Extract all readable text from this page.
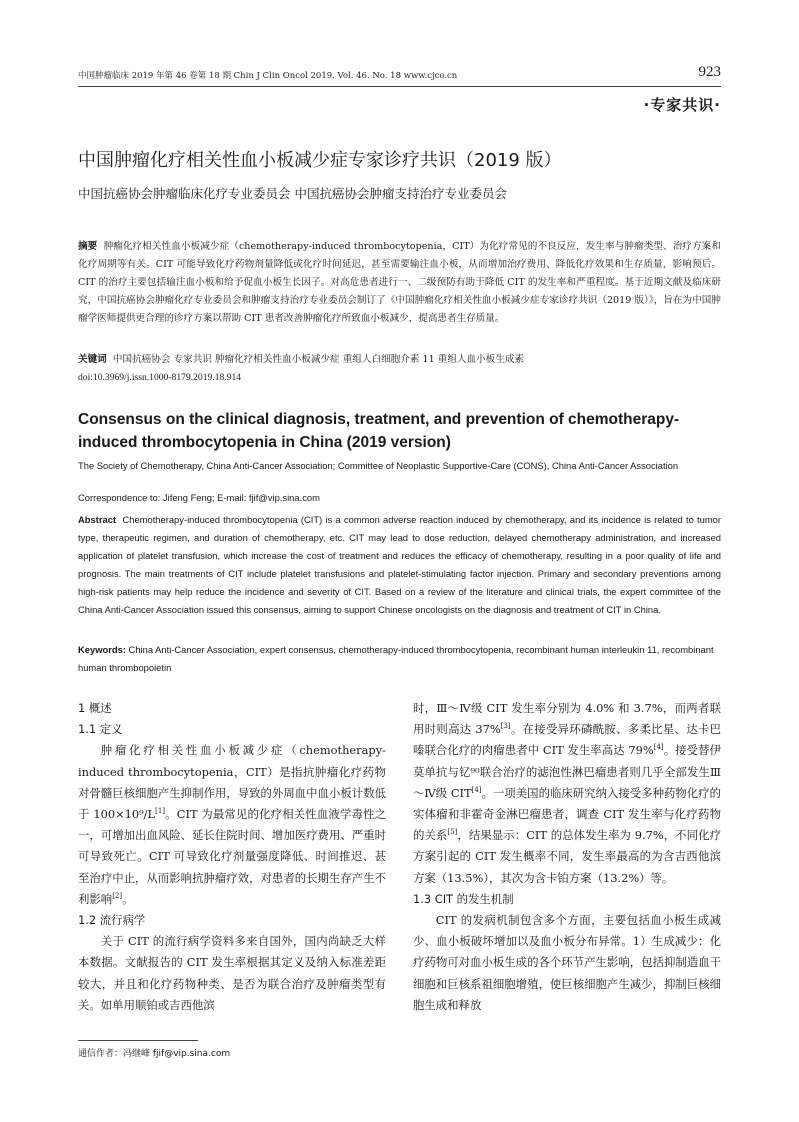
中国肿瘤临床 2019 年第 46 卷第 18 期 Chin J Clin Oncol 2019. Vol. 46. No. 18 www.cjco.cn	923
·专家共识·
中国肿瘤化疗相关性血小板减少症专家诊疗共识（2019 版）
中国抗癌协会肿瘤临床化疗专业委员会 中国抗癌协会肿瘤支持治疗专业委员会
摘要 肿瘤化疗相关性血小板减少症（chemotherapy-induced thrombocytopenia，CIT）为化疗常见的不良反应，发生率与肿瘤类型、治疗方案和化疗周期等有关。CIT 可能导致化疗药物剂量降低或化疗时间延迟，甚至需要输注血小板，从而增加治疗费用、降低化疗效果和生存质量，影响预后。CIT 的治疗主要包括输注血小板和给予促血小板生长因子。对高危患者进行一、二级预防有助于降低 CIT 的发生率和严重程度。基于近期文献及临床研究，中国抗癌协会肿瘤化疗专业委员会和肿瘤支持治疗专业委员会制订了《中国肿瘤化疗相关性血小板减少症专家诊疗共识（2019 版）》，旨在为中国肿瘤学医师提供更合理的诊疗方案以帮助 CIT 患者改善肿瘤化疗所致血小板减少，提高患者生存质量。
关键词 中国抗癌协会 专家共识 肿瘤化疗相关性血小板减少症 重组人白细胞介素 11 重组人血小板生成素
doi:10.3969/j.issn.1000-8179.2019.18.914
Consensus on the clinical diagnosis, treatment, and prevention of chemotherapy-induced thrombocytopenia in China (2019 version)
The Society of Chemotherapy, China Anti-Cancer Association; Committee of Neoplastic Supportive-Care (CONS), China Anti-Cancer Association
Correspondence to: Jifeng Feng; E-mail: fjif@vip.sina.com
Abstract Chemotherapy-induced thrombocytopenia (CIT) is a common adverse reaction induced by chemotherapy, and its incidence is related to tumor type, therapeutic regimen, and duration of chemotherapy, etc. CIT may lead to dose reduction, delayed chemotherapy administration, and increased application of platelet transfusion, which increase the cost of treatment and reduces the efficacy of chemotherapy, resulting in a poor quality of life and prognosis. The main treatments of CIT include platelet transfusions and platelet-stimulating factor injection. Primary and secondary preventions among high-risk patients may help reduce the incidence and severity of CIT. Based on a review of the literature and clinical trials, the expert committee of the China Anti-Cancer Association issued this consensus, aiming to support Chinese oncologists on the diagnosis and treatment of CIT in China.
Keywords: China Anti-Cancer Association, expert consensus, chemotherapy-induced thrombocytopenia, recombinant human interleukin 11, recombinant human thrombopoietin
1 概述
1.1 定义

肿瘤化疗相关性血小板减少症（chemotherapy-induced thrombocytopenia，CIT）是指抗肿瘤化疗药物对骨髓巨核细胞产生抑制作用，导致的外周血中血小板计数低于 100×10⁹/L[1]。CIT 为最常见的化疗相关性血液学毒性之一，可增加出血风险、延长住院时间、增加医疗费用、严重时可导致死亡。CIT 可导致化疗剂量强度降低、时间推迟、甚至治疗中止，从而影响抗肿瘤疗效，对患者的长期生存产生不利影响[2]。

1.2 流行病学

关于 CIT 的流行病学资料多来自国外，国内尚缺乏大样本数据。文献报告的 CIT 发生率根据其定义及纳入标准差距较大，并且和化疗药物种类、是否为联合治疗及肿瘤类型有关。如单用顺铂或吉西他滨

时，Ⅲ～Ⅳ级 CIT 发生率分别为 4.0% 和 3.7%，而两者联用时则高达 37%[3]。在接受异环磷酰胺、多柔比星、达卡巴嗪联合化疗的肉瘤患者中 CIT 发生率高达 79%[4]。接受替伊莫单抗与钇⁹⁰联合治疗的滤泡性淋巴瘤患者则几乎全部发生Ⅲ～Ⅳ级 CIT[4]。一项美国的临床研究纳入接受多种药物化疗的实体瘤和非霍奇金淋巴瘤患者，调查 CIT 发生率与化疗药物的关系[5]，结果显示：CIT 的总体发生率为 9.7%，不同化疗方案引起的 CIT 发生概率不同，发生率最高的为含吉西他滨方案（13.5%），其次为含卡铂方案（13.2%）等。

1.3 CIT 的发生机制

CIT 的发病机制包含多个方面，主要包括血小板生成减少、血小板破坏增加以及血小板分布异常。1）生成减少：化疗药物可对血小板生成的各个环节产生影响，包括抑制造血干细胞和巨核系祖细胞增殖，使巨核细胞产生减少，抑制巨核细胞生成和释放

通信作者：冯继峰 fjif@vip.sina.com
